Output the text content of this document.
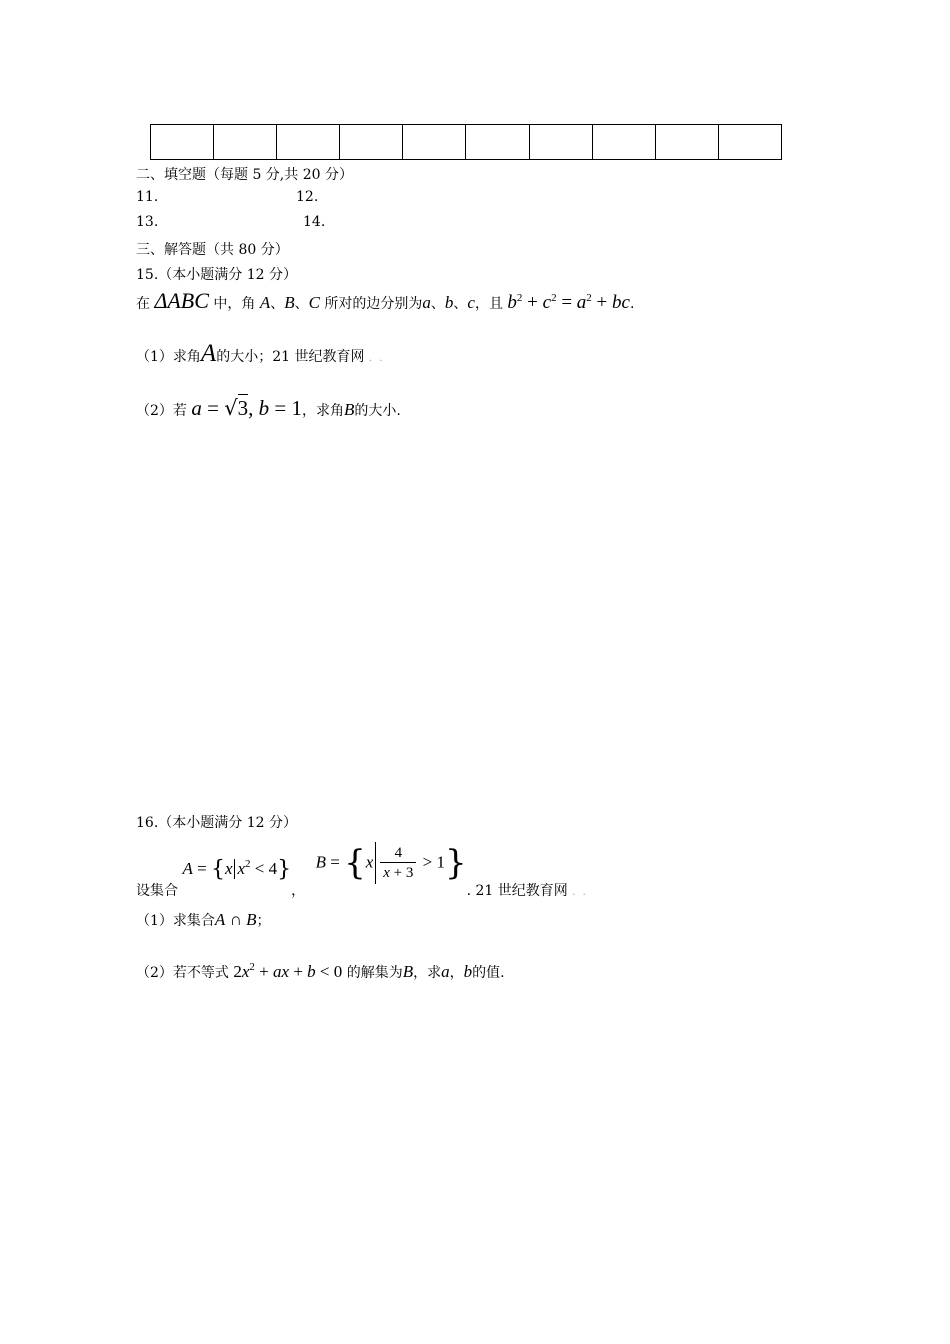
二、填空题（每题 5 分,共 20 分）
11.	12.
13.	14.
三、解答题（共 80 分）
15.（本小题满分 12 分）
在 ΔABC 中，角 A、B、C 所对的边分别为a、b、c，且 $b^2 + c^2 = a^2$ + bc.
（1）求角A的大小；21 世纪教育网 . .
（2）若 a = √3, b = 1，求角B的大小.
16.（本小题满分 12 分）
设集合 A = {x $x^2 < 4$}， $B = \{x \frac{4}{x + 3} > 1\}$. 21 世纪教育网 $_{. .}$
（1）求集合A ∩ B；
（2）若不等式 $2x^2$ + ax + b < 0 的解集为B，求a，b的值.
